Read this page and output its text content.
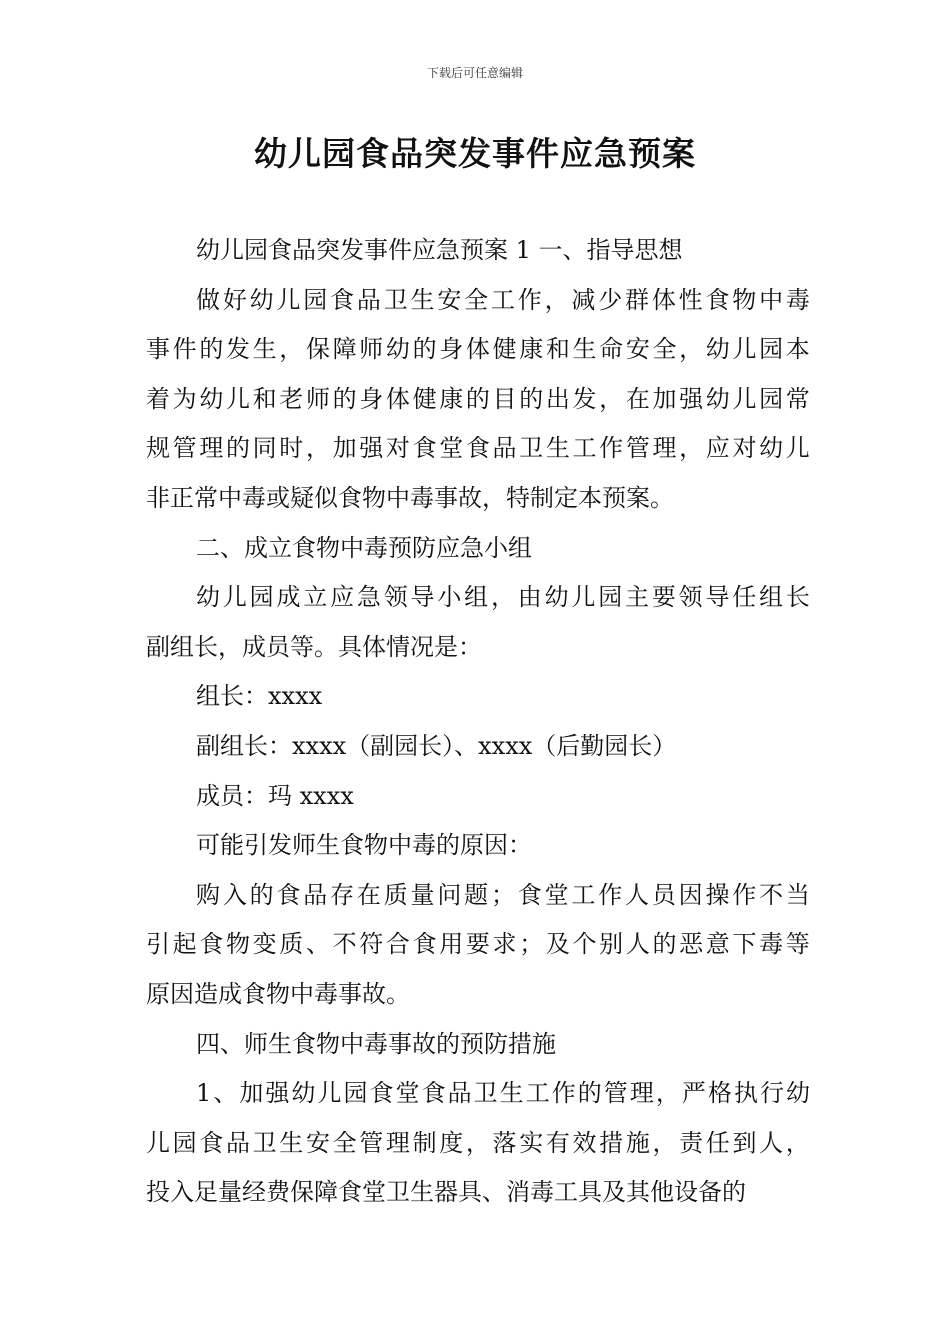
下载后可任意编辑
幼儿园食品突发事件应急预案
幼儿园食品突发事件应急预案 1 一、指导思想
做 好 幼 儿 园 食 品 卫 生 安 全 工 作 ， 减 少 群 体 性 食 物 中 毒
事 件 的 发 生 ， 保 障 师 幼 的 身 体 健 康 和 生 命 安 全 ， 幼 儿 园 本
着 为 幼 儿 和 老 师 的 身 体 健 康 的 目 的 出 发 ， 在 加 强 幼 儿 园 常
规 管 理 的 同 时 ， 加 强 对 食 堂 食 品 卫 生 工 作 管 理 ， 应 对 幼 儿
非正常中毒或疑似食物中毒事故，特制定本预案。
二、成立食物中毒预防应急小组
幼 儿 园 成 立 应 急 领 导 小 组 ， 由 幼 儿 园 主 要 领 导 任 组 长
副组长，成员等。具体情况是：
组长：xxxx
副组长：xxxx（副园长）、xxxx（后勤园长）
成员：玛 xxxx
可能引发师生食物中毒的原因：
购 入 的 食 品 存 在 质 量 问 题 ； 食 堂 工 作 人 员 因 操 作 不 当
引 起 食 物 变 质 、 不 符 合 食 用 要 求 ； 及 个 别 人 的 恶 意 下 毒 等
原因造成食物中毒事故。
四、师生食物中毒事故的预防措施
1 、 加 强 幼 儿 园 食 堂 食 品 卫 生 工 作 的 管 理 ， 严 格 执 行 幼
儿 园 食 品 卫 生 安 全 管 理 制 度 ， 落 实 有 效 措 施 ， 责 任 到 人 ，
投入足量经费保障食堂卫生器具、消毒工具及其他设备的
